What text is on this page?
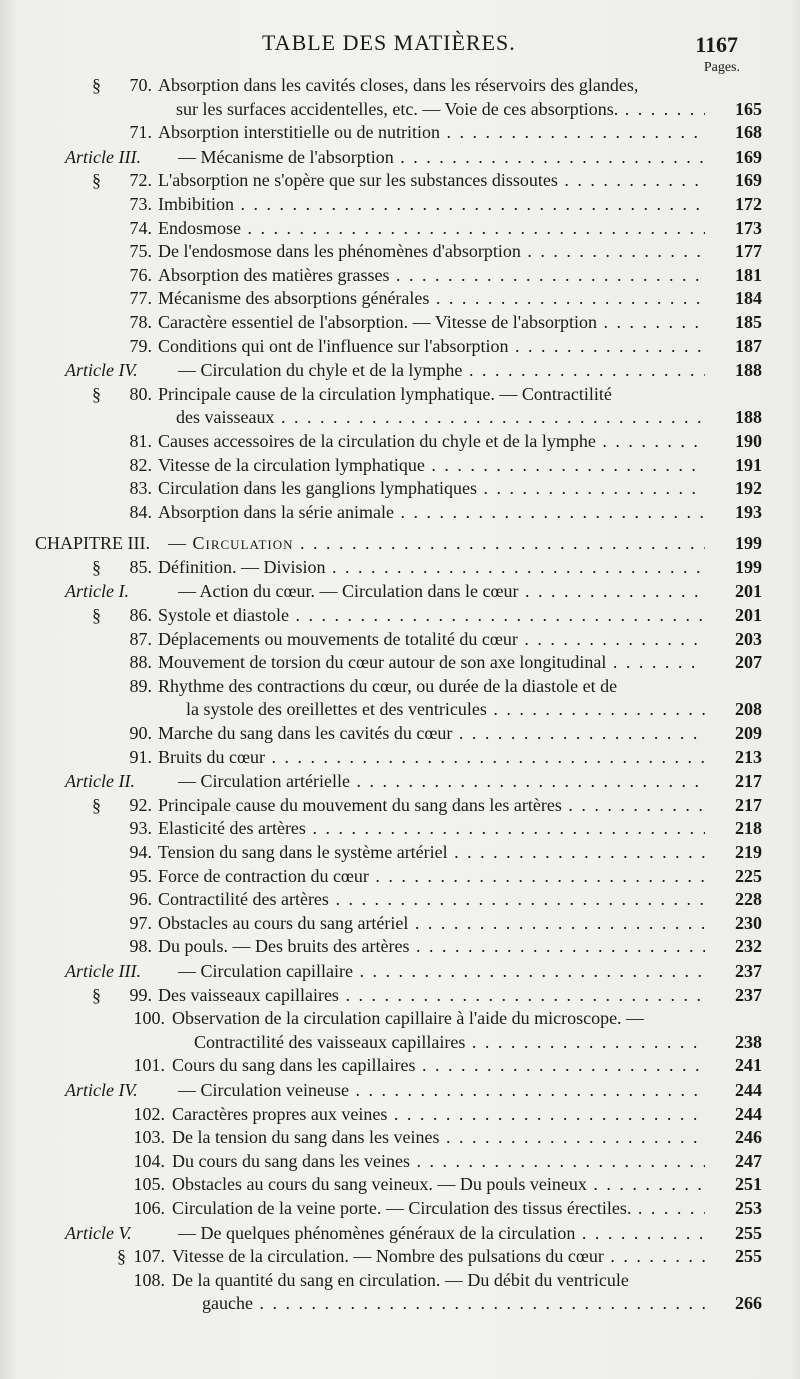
TABLE DES MATIÈRES.	1167
Pages.
§ 70. Absorption dans les cavités closes, dans les réservoirs des glandes,
sur les surfaces accidentelles, etc. — Voie de ces absorptions. . . .	165
71. Absorption interstitielle ou de nutrition . . .	168
Article III. — Mécanisme de l'absorption . . .	169
§ 72. L'absorption ne s'opère que sur les substances dissoutes . . .	169
73. Imbibition . . .	172
74. Endosmose . . .	173
75. De l'endosmose dans les phénomènes d'absorption . . .	177
76. Absorption des matières grasses . . .	181
77. Mécanisme des absorptions générales . . .	184
78. Caractère essentiel de l'absorption. — Vitesse de l'absorption . . .	185
79. Conditions qui ont de l'influence sur l'absorption . . .	187
Article IV. — Circulation du chyle et de la lymphe . . .	188
§ 80. Principale cause de la circulation lymphatique. — Contractilité
des vaisseaux . . .	188
81. Causes accessoires de la circulation du chyle et de la lymphe . . .	190
82. Vitesse de la circulation lymphatique . . .	191
83. Circulation dans les ganglions lymphatiques . . .	192
84. Absorption dans la série animale . . .	193
CHAPITRE III. — Circulation . . .	199
§ 85. Définition. — Division . . .	199
Article I.	— Action du cœur. — Circulation dans le cœur . . .	201
§ 86. Systole et diastole . . .	201
87. Déplacements ou mouvements de totalité du cœur . . .	203
88. Mouvement de torsion du cœur autour de son axe longitudinal . . .	207
89. Rhythme des contractions du cœur, ou durée de la diastole et de
la systole des oreillettes et des ventricules . . .	208
90. Marche du sang dans les cavités du cœur . . .	209
91. Bruits du cœur . . .	213
Article II. — Circulation artérielle . . .	217
§ 92. Principale cause du mouvement du sang dans les artères . . .	217
93. Elasticité des artères . . .	218
94. Tension du sang dans le système artériel . . .	219
95. Force de contraction du cœur . . .	225
96. Contractilité des artères . . .	228
97. Obstacles au cours du sang artériel . . .	230
98. Du pouls. — Des bruits des artères . . .	232
Article III. — Circulation capillaire . . .	237
§ 99. Des vaisseaux capillaires . . .	237
100. Observation de la circulation capillaire à l'aide du microscope. —
Contractilité des vaisseaux capillaires . . .	238
101. Cours du sang dans les capillaires . . .	241
Article IV. — Circulation veineuse . . .	244
102. Caractères propres aux veines . . .	244
103. De la tension du sang dans les veines . . .	246
104. Du cours du sang dans les veines . . .	247
105. Obstacles au cours du sang veineux. — Du pouls veineux . . .	251
106. Circulation de la veine porte. — Circulation des tissus érectiles. . . .	253
Article V.	— De quelques phénomènes généraux de la circulation . . .	255
§ 107. Vitesse de la circulation. — Nombre des pulsations du cœur . . .	255
108. De la quantité du sang en circulation. — Du débit du ventricule
gauche . . .	266
